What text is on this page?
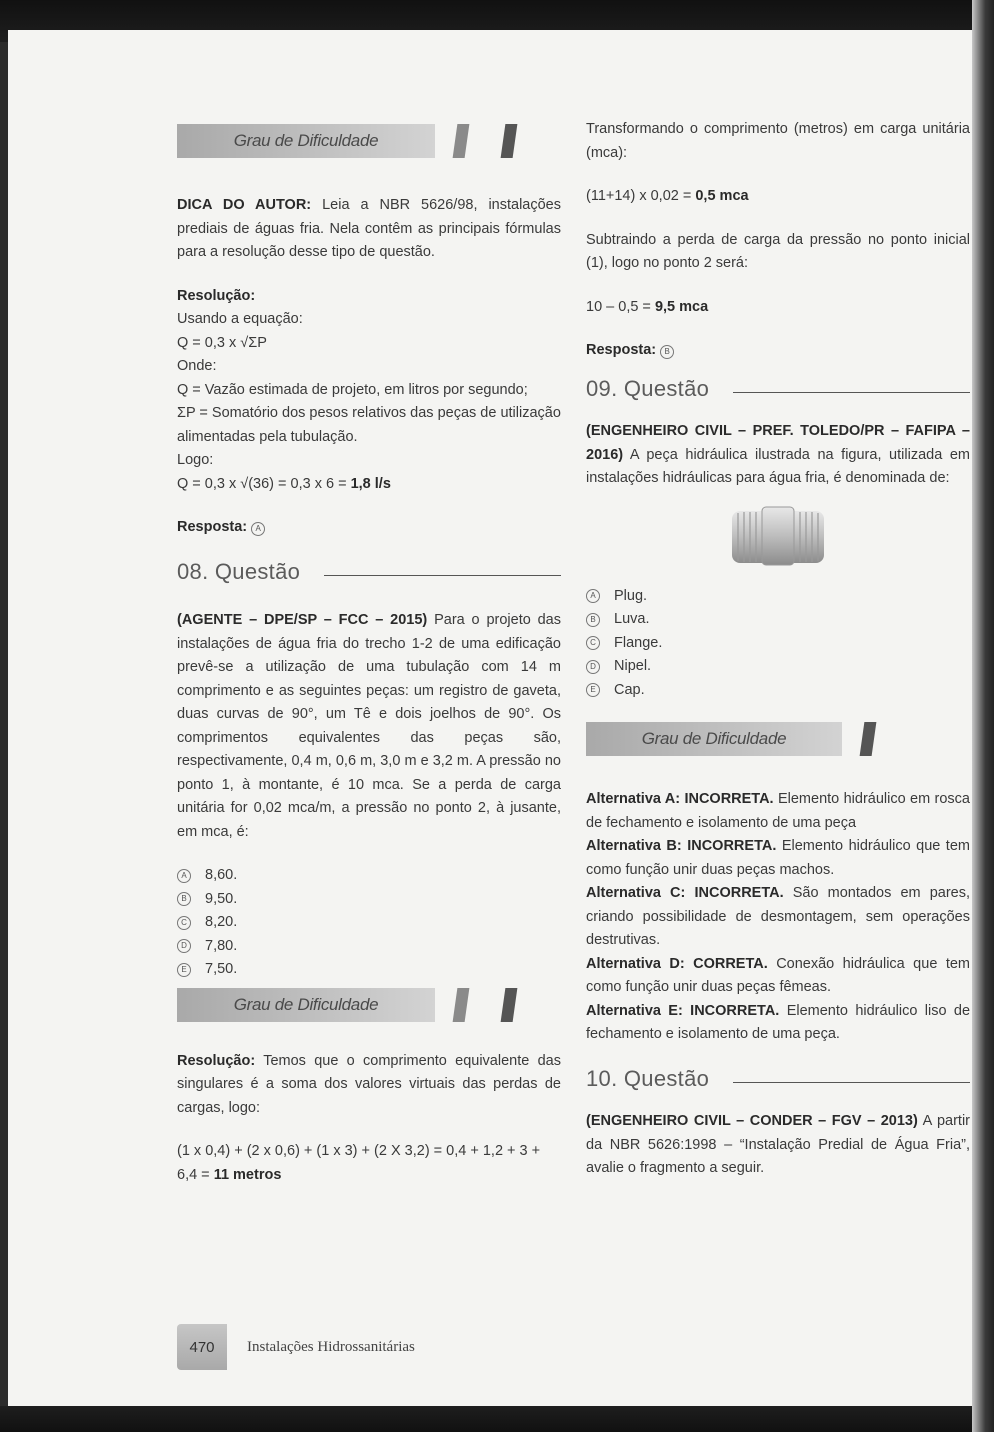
Grau de Dificuldade

DICA DO AUTOR: Leia a NBR 5626/98, instalações prediais de águas fria. Nela contêm as principais fórmulas para a resolução desse tipo de questão.

Resolução:

Usando a equação:

Q = 0,3 x √ΣP

Onde:

Q = Vazão estimada de projeto, em litros por segundo;

ΣP = Somatório dos pesos relativos das peças de utilização alimentadas pela tubulação.

Logo:

Q = 0,3 x √(36) = 0,3 x 6 = 1,8 l/s

Resposta: A

08. Questão

(AGENTE – DPE/SP – FCC – 2015) Para o projeto das instalações de água fria do trecho 1-2 de uma edificação prevê-se a utilização de uma tubulação com 14 m comprimento e as seguintes peças: um registro de gaveta, duas curvas de 90°, um Tê e dois joelhos de 90°. Os comprimentos equivalentes das peças são, respectivamente, 0,4 m, 0,6 m, 3,0 m e 3,2 m. A pressão no ponto 1, à montante, é 10 mca. Se a perda de carga unitária for 0,02 mca/m, a pressão no ponto 2, à jusante, em mca, é:

A 8,60.
B 9,50.
C 8,20.
D 7,80.
E 7,50.
Grau de Dificuldade

Resolução: Temos que o comprimento equivalente das singulares é a soma dos valores virtuais das perdas de cargas, logo:

(1 x 0,4) + (2 x 0,6) + (1 x 3) + (2 X 3,2) = 0,4 + 1,2 + 3 + 6,4 = 11 metros

Transformando o comprimento (metros) em carga unitária (mca):

(11+14) x 0,02 = 0,5 mca

Subtraindo a perda de carga da pressão no ponto inicial (1), logo no ponto 2 será:

10 – 0,5 = 9,5 mca

Resposta: B

09. Questão

(ENGENHEIRO CIVIL – PREF. TOLEDO/PR – FAFIPA – 2016) A peça hidráulica ilustrada na figura, utilizada em instalações hidráulicas para água fria, é denominada de:

A Plug.
B Luva.
C Flange.
D Nipel.
E Cap.
Grau de Dificuldade

Alternativa A: INCORRETA. Elemento hidráulico em rosca de fechamento e isolamento de uma peça

Alternativa B: INCORRETA. Elemento hidráulico que tem como função unir duas peças machos.

Alternativa C: INCORRETA. São montados em pares, criando possibilidade de desmontagem, sem operações destrutivas.

Alternativa D: CORRETA. Conexão hidráulica que tem como função unir duas peças fêmeas.

Alternativa E: INCORRETA. Elemento hidráulico liso de fechamento e isolamento de uma peça.

10. Questão

(ENGENHEIRO CIVIL – CONDER – FGV – 2013) A partir da NBR 5626:1998 – “Instalação Predial de Água Fria”, avalie o fragmento a seguir.

470	Instalações Hidrossanitárias
